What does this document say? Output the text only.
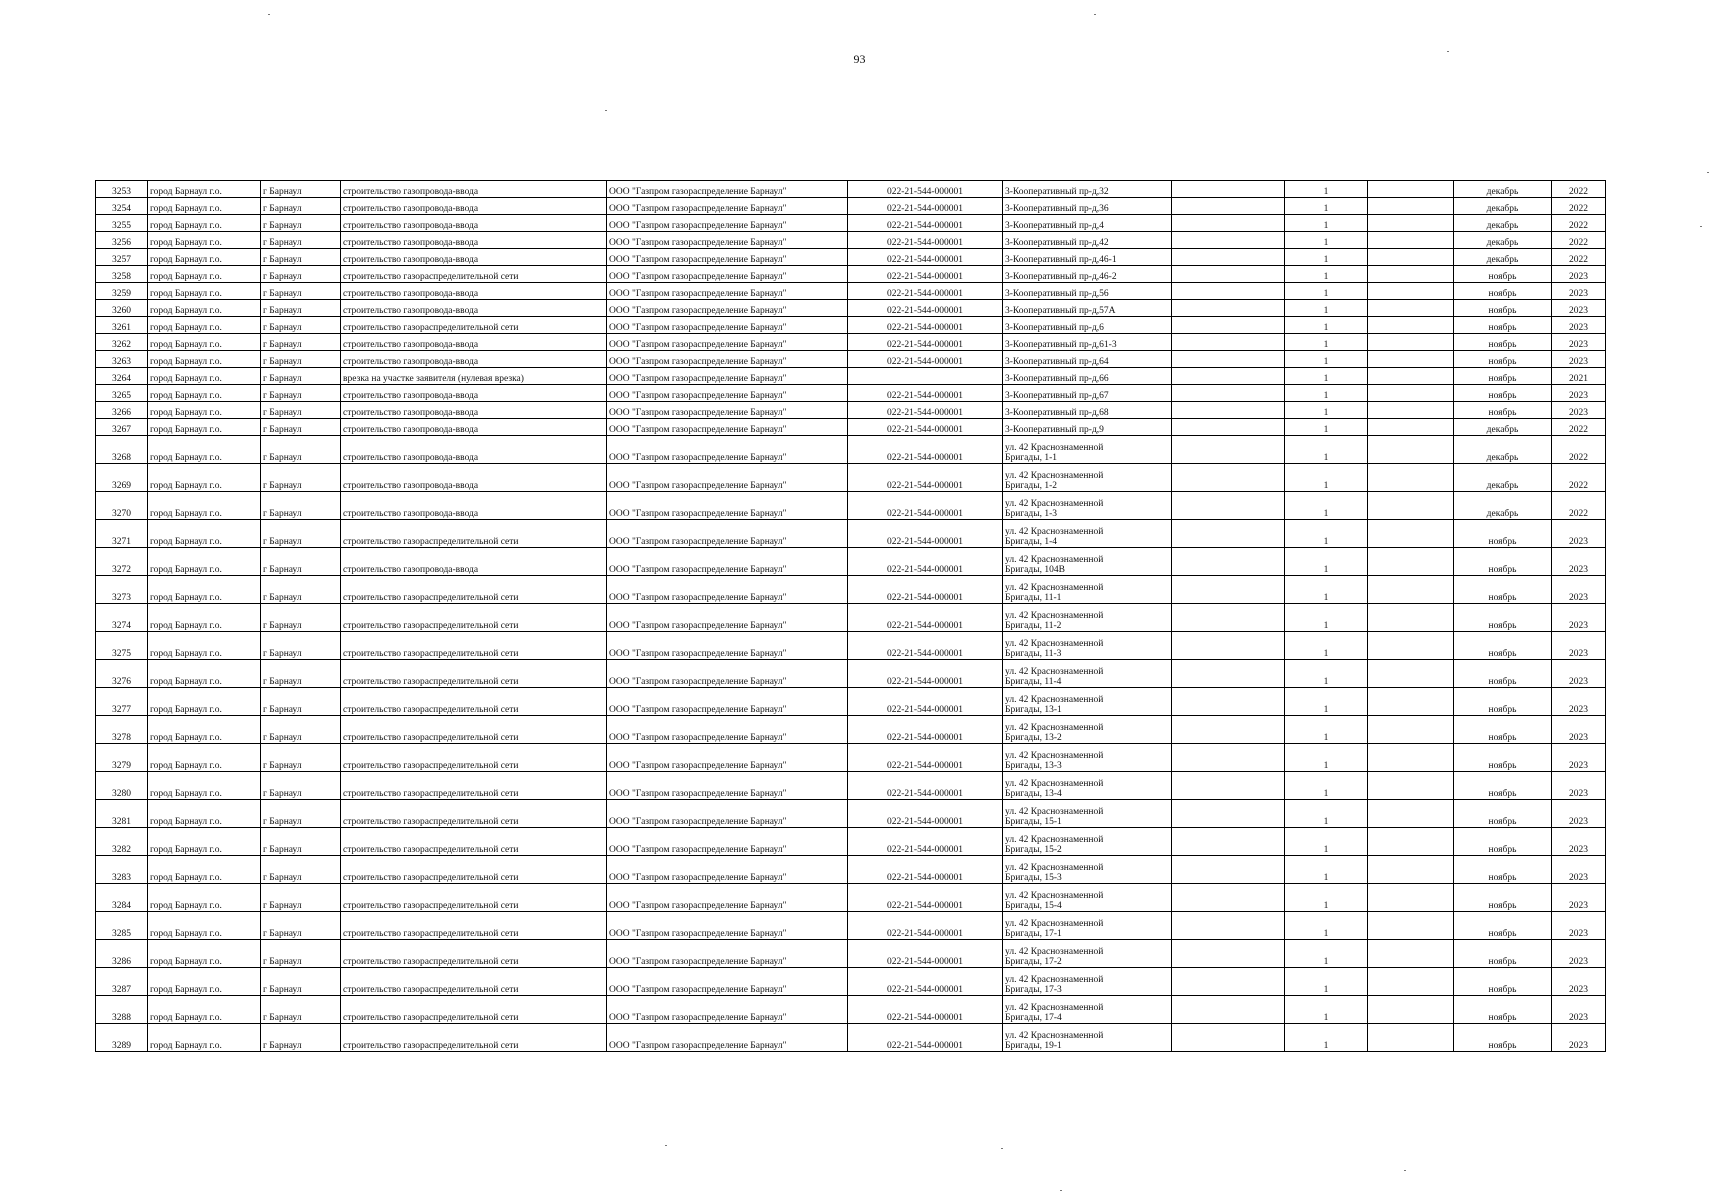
93
3253	город Барнаул г.о.	г Барнаул	строительство газопровода-ввода	ООО "Газпром газораспределение Барнаул"	022-21-544-000001	3-Кооперативный пр-д,32		1		декабрь	2022
3254	город Барнаул г.о.	г Барнаул	строительство газопровода-ввода	ООО "Газпром газораспределение Барнаул"	022-21-544-000001	3-Кооперативный пр-д,36		1		декабрь	2022
3255	город Барнаул г.о.	г Барнаул	строительство газопровода-ввода	ООО "Газпром газораспределение Барнаул"	022-21-544-000001	3-Кооперативный пр-д,4		1		декабрь	2022
3256	город Барнаул г.о.	г Барнаул	строительство газопровода-ввода	ООО "Газпром газораспределение Барнаул"	022-21-544-000001	3-Кооперативный пр-д,42		1		декабрь	2022
3257	город Барнаул г.о.	г Барнаул	строительство газопровода-ввода	ООО "Газпром газораспределение Барнаул"	022-21-544-000001	3-Кооперативный пр-д,46-1		1		декабрь	2022
3258	город Барнаул г.о.	г Барнаул	строительство газораспределительной сети	ООО "Газпром газораспределение Барнаул"	022-21-544-000001	3-Кооперативный пр-д,46-2		1		ноябрь	2023
3259	город Барнаул г.о.	г Барнаул	строительство газопровода-ввода	ООО "Газпром газораспределение Барнаул"	022-21-544-000001	3-Кооперативный пр-д,56		1		ноябрь	2023
3260	город Барнаул г.о.	г Барнаул	строительство газопровода-ввода	ООО "Газпром газораспределение Барнаул"	022-21-544-000001	3-Кооперативный пр-д,57А		1		ноябрь	2023
3261	город Барнаул г.о.	г Барнаул	строительство газораспределительной сети	ООО "Газпром газораспределение Барнаул"	022-21-544-000001	3-Кооперативный пр-д,6		1		ноябрь	2023
3262	город Барнаул г.о.	г Барнаул	строительство газопровода-ввода	ООО "Газпром газораспределение Барнаул"	022-21-544-000001	3-Кооперативный пр-д,61-3		1		ноябрь	2023
3263	город Барнаул г.о.	г Барнаул	строительство газопровода-ввода	ООО "Газпром газораспределение Барнаул"	022-21-544-000001	3-Кооперативный пр-д,64		1		ноябрь	2023
3264	город Барнаул г.о.	г Барнаул	врезка на участке заявителя (нулевая врезка)	ООО "Газпром газораспределение Барнаул"		3-Кооперативный пр-д,66		1		ноябрь	2021
3265	город Барнаул г.о.	г Барнаул	строительство газопровода-ввода	ООО "Газпром газораспределение Барнаул"	022-21-544-000001	3-Кооперативный пр-д,67		1		ноябрь	2023
3266	город Барнаул г.о.	г Барнаул	строительство газопровода-ввода	ООО "Газпром газораспределение Барнаул"	022-21-544-000001	3-Кооперативный пр-д,68		1		ноябрь	2023
3267	город Барнаул г.о.	г Барнаул	строительство газопровода-ввода	ООО "Газпром газораспределение Барнаул"	022-21-544-000001	3-Кооперативный пр-д,9		1		декабрь	2022
3268	город Барнаул г.о.	г Барнаул	строительство газопровода-ввода	ООО "Газпром газораспределение Барнаул"	022-21-544-000001	ул. 42 Краснознаменной
Бригады, 1-1		1		декабрь	2022
3269	город Барнаул г.о.	г Барнаул	строительство газопровода-ввода	ООО "Газпром газораспределение Барнаул"	022-21-544-000001	ул. 42 Краснознаменной
Бригады, 1-2		1		декабрь	2022
3270	город Барнаул г.о.	г Барнаул	строительство газопровода-ввода	ООО "Газпром газораспределение Барнаул"	022-21-544-000001	ул. 42 Краснознаменной
Бригады, 1-3		1		декабрь	2022
3271	город Барнаул г.о.	г Барнаул	строительство газораспределительной сети	ООО "Газпром газораспределение Барнаул"	022-21-544-000001	ул. 42 Краснознаменной
Бригады, 1-4		1		ноябрь	2023
3272	город Барнаул г.о.	г Барнаул	строительство газопровода-ввода	ООО "Газпром газораспределение Барнаул"	022-21-544-000001	ул. 42 Краснознаменной
Бригады, 104В		1		ноябрь	2023
3273	город Барнаул г.о.	г Барнаул	строительство газораспределительной сети	ООО "Газпром газораспределение Барнаул"	022-21-544-000001	ул. 42 Краснознаменной
Бригады, 11-1		1		ноябрь	2023
3274	город Барнаул г.о.	г Барнаул	строительство газораспределительной сети	ООО "Газпром газораспределение Барнаул"	022-21-544-000001	ул. 42 Краснознаменной
Бригады, 11-2		1		ноябрь	2023
3275	город Барнаул г.о.	г Барнаул	строительство газораспределительной сети	ООО "Газпром газораспределение Барнаул"	022-21-544-000001	ул. 42 Краснознаменной
Бригады, 11-3		1		ноябрь	2023
3276	город Барнаул г.о.	г Барнаул	строительство газораспределительной сети	ООО "Газпром газораспределение Барнаул"	022-21-544-000001	ул. 42 Краснознаменной
Бригады, 11-4		1		ноябрь	2023
3277	город Барнаул г.о.	г Барнаул	строительство газораспределительной сети	ООО "Газпром газораспределение Барнаул"	022-21-544-000001	ул. 42 Краснознаменной
Бригады, 13-1		1		ноябрь	2023
3278	город Барнаул г.о.	г Барнаул	строительство газораспределительной сети	ООО "Газпром газораспределение Барнаул"	022-21-544-000001	ул. 42 Краснознаменной
Бригады, 13-2		1		ноябрь	2023
3279	город Барнаул г.о.	г Барнаул	строительство газораспределительной сети	ООО "Газпром газораспределение Барнаул"	022-21-544-000001	ул. 42 Краснознаменной
Бригады, 13-3		1		ноябрь	2023
3280	город Барнаул г.о.	г Барнаул	строительство газораспределительной сети	ООО "Газпром газораспределение Барнаул"	022-21-544-000001	ул. 42 Краснознаменной
Бригады, 13-4		1		ноябрь	2023
3281	город Барнаул г.о.	г Барнаул	строительство газораспределительной сети	ООО "Газпром газораспределение Барнаул"	022-21-544-000001	ул. 42 Краснознаменной
Бригады, 15-1		1		ноябрь	2023
3282	город Барнаул г.о.	г Барнаул	строительство газораспределительной сети	ООО "Газпром газораспределение Барнаул"	022-21-544-000001	ул. 42 Краснознаменной
Бригады, 15-2		1		ноябрь	2023
3283	город Барнаул г.о.	г Барнаул	строительство газораспределительной сети	ООО "Газпром газораспределение Барнаул"	022-21-544-000001	ул. 42 Краснознаменной
Бригады, 15-3		1		ноябрь	2023
3284	город Барнаул г.о.	г Барнаул	строительство газораспределительной сети	ООО "Газпром газораспределение Барнаул"	022-21-544-000001	ул. 42 Краснознаменной
Бригады, 15-4		1		ноябрь	2023
3285	город Барнаул г.о.	г Барнаул	строительство газораспределительной сети	ООО "Газпром газораспределение Барнаул"	022-21-544-000001	ул. 42 Краснознаменной
Бригады, 17-1		1		ноябрь	2023
3286	город Барнаул г.о.	г Барнаул	строительство газораспределительной сети	ООО "Газпром газораспределение Барнаул"	022-21-544-000001	ул. 42 Краснознаменной
Бригады, 17-2		1		ноябрь	2023
3287	город Барнаул г.о.	г Барнаул	строительство газораспределительной сети	ООО "Газпром газораспределение Барнаул"	022-21-544-000001	ул. 42 Краснознаменной
Бригады, 17-3		1		ноябрь	2023
3288	город Барнаул г.о.	г Барнаул	строительство газораспределительной сети	ООО "Газпром газораспределение Барнаул"	022-21-544-000001	ул. 42 Краснознаменной
Бригады, 17-4		1		ноябрь	2023
3289	город Барнаул г.о.	г Барнаул	строительство газораспределительной сети	ООО "Газпром газораспределение Барнаул"	022-21-544-000001	ул. 42 Краснознаменной
Бригады, 19-1		1		ноябрь	2023
